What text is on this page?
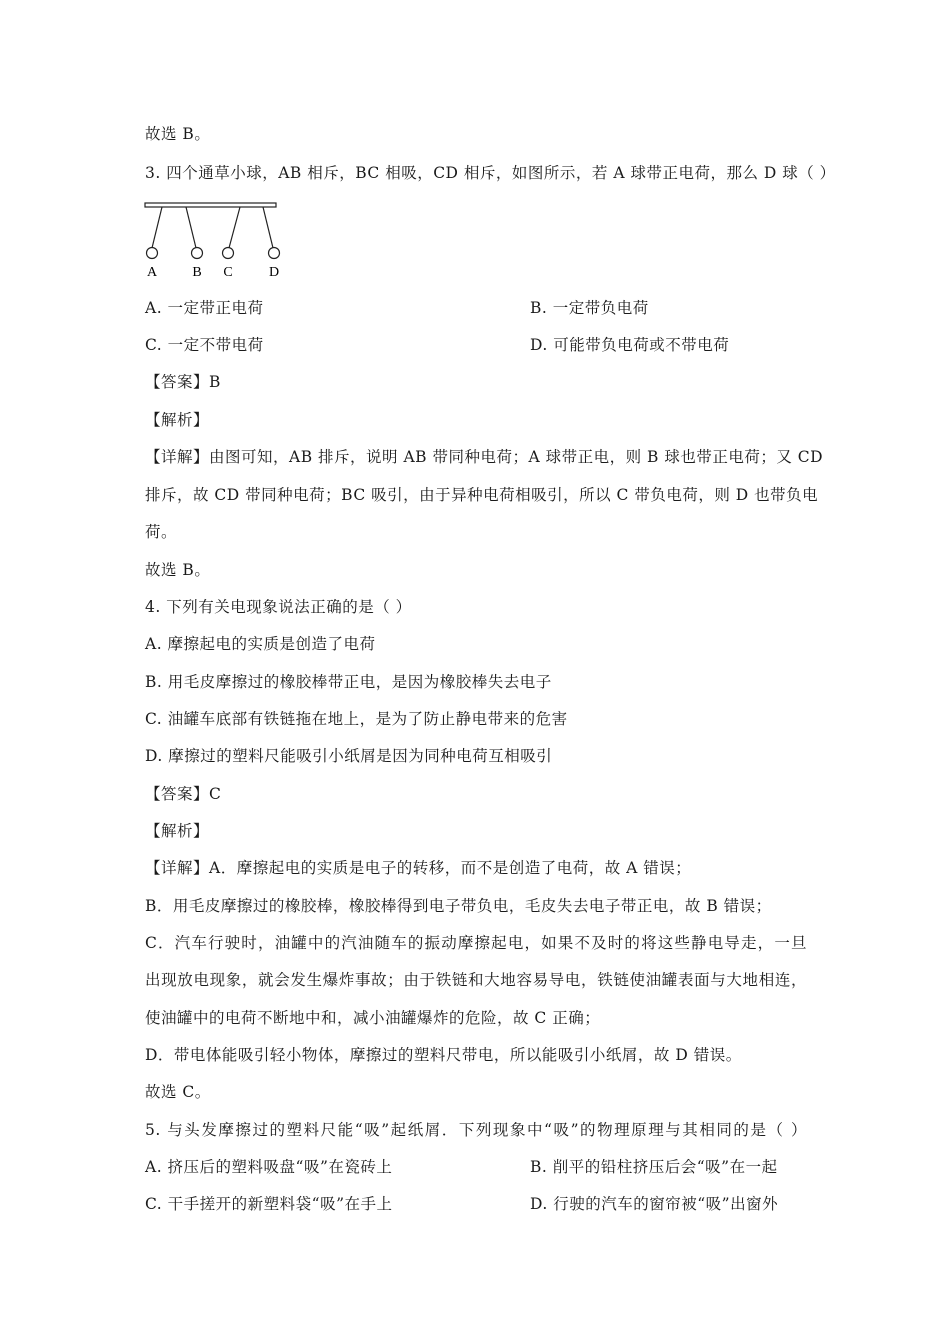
故选 B。
3. 四个通草小球，AB 相斥，BC 相吸，CD 相斥，如图所示，若 A 球带正电荷，那么 D 球（ ）
A	B C	D
A. 一定带正电荷	B. 一定带负电荷
C. 一定不带电荷	D. 可能带负电荷或不带电荷
【答案】B
【解析】
【详解】由图可知，AB 排斥，说明 AB 带同种电荷；A 球带正电，则 B 球也带正电荷；又 CD
排斥，故 CD 带同种电荷；BC 吸引，由于异种电荷相吸引，所以 C 带负电荷，则 D 也带负电
荷。
故选 B。
4. 下列有关电现象说法正确的是（ ）
A. 摩擦起电的实质是创造了电荷
B. 用毛皮摩擦过的橡胶棒带正电，是因为橡胶棒失去电子
C. 油罐车底部有铁链拖在地上，是为了防止静电带来的危害
D. 摩擦过的塑料尺能吸引小纸屑是因为同种电荷互相吸引
【答案】C
【解析】
【详解】A．摩擦起电的实质是电子的转移，而不是创造了电荷，故 A 错误；
B．用毛皮摩擦过的橡胶棒，橡胶棒得到电子带负电，毛皮失去电子带正电，故 B 错误；
C．汽车行驶时，油罐中的汽油随车的振动摩擦起电，如果不及时的将这些静电导走，一旦
出现放电现象，就会发生爆炸事故；由于铁链和大地容易导电，铁链使油罐表面与大地相连，
使油罐中的电荷不断地中和，减小油罐爆炸的危险，故 C 正确；
D．带电体能吸引轻小物体，摩擦过的塑料尺带电，所以能吸引小纸屑，故 D 错误。
故选 C。
5. 与头发摩擦过的塑料尺能“吸”起纸屑．下列现象中“吸”的物理原理与其相同的是（ ）
A. 挤压后的塑料吸盘“吸”在瓷砖上	B. 削平的铅柱挤压后会“吸”在一起
C. 干手搓开的新塑料袋“吸”在手上	D. 行驶的汽车的窗帘被“吸”出窗外
